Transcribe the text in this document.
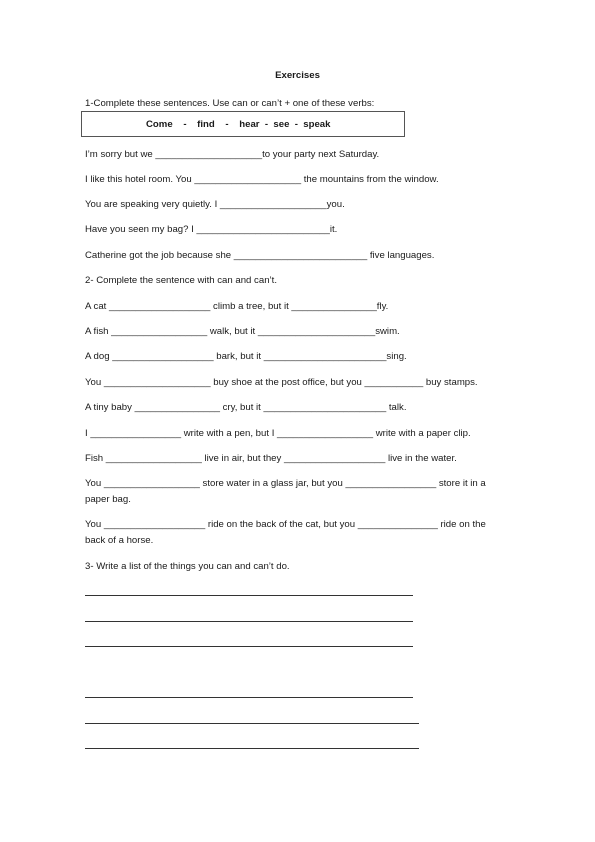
Exercises
1-Complete these sentences. Use can or can’t + one of these verbs:
Come    -    find    -    hear  -  see  -  speak
I’m sorry but we ____________________to your party next Saturday.
I like this hotel room. You ____________________ the mountains from the window.
You are speaking very quietly. I ____________________you.
Have you seen my bag? I _________________________it.
Catherine got the job because she _________________________ five languages.
2- Complete the sentence with can and can’t.
A cat ___________________ climb a tree, but it ________________fly.
A fish __________________ walk, but it ______________________swim.
A dog ___________________ bark, but it _______________________sing.
You ____________________ buy shoe at the post office, but you ___________ buy stamps.
A tiny baby ________________ cry, but it _______________________ talk.
I _________________ write with a pen, but I __________________ write with a paper clip.
Fish __________________ live in air, but they ___________________ live in the water.
You __________________ store water in a glass jar, but you _________________ store it in a
paper bag.
You ___________________ ride on the back of the cat, but you _______________ ride on the
back of a horse.
3- Write a list of the things you can and can’t do.
